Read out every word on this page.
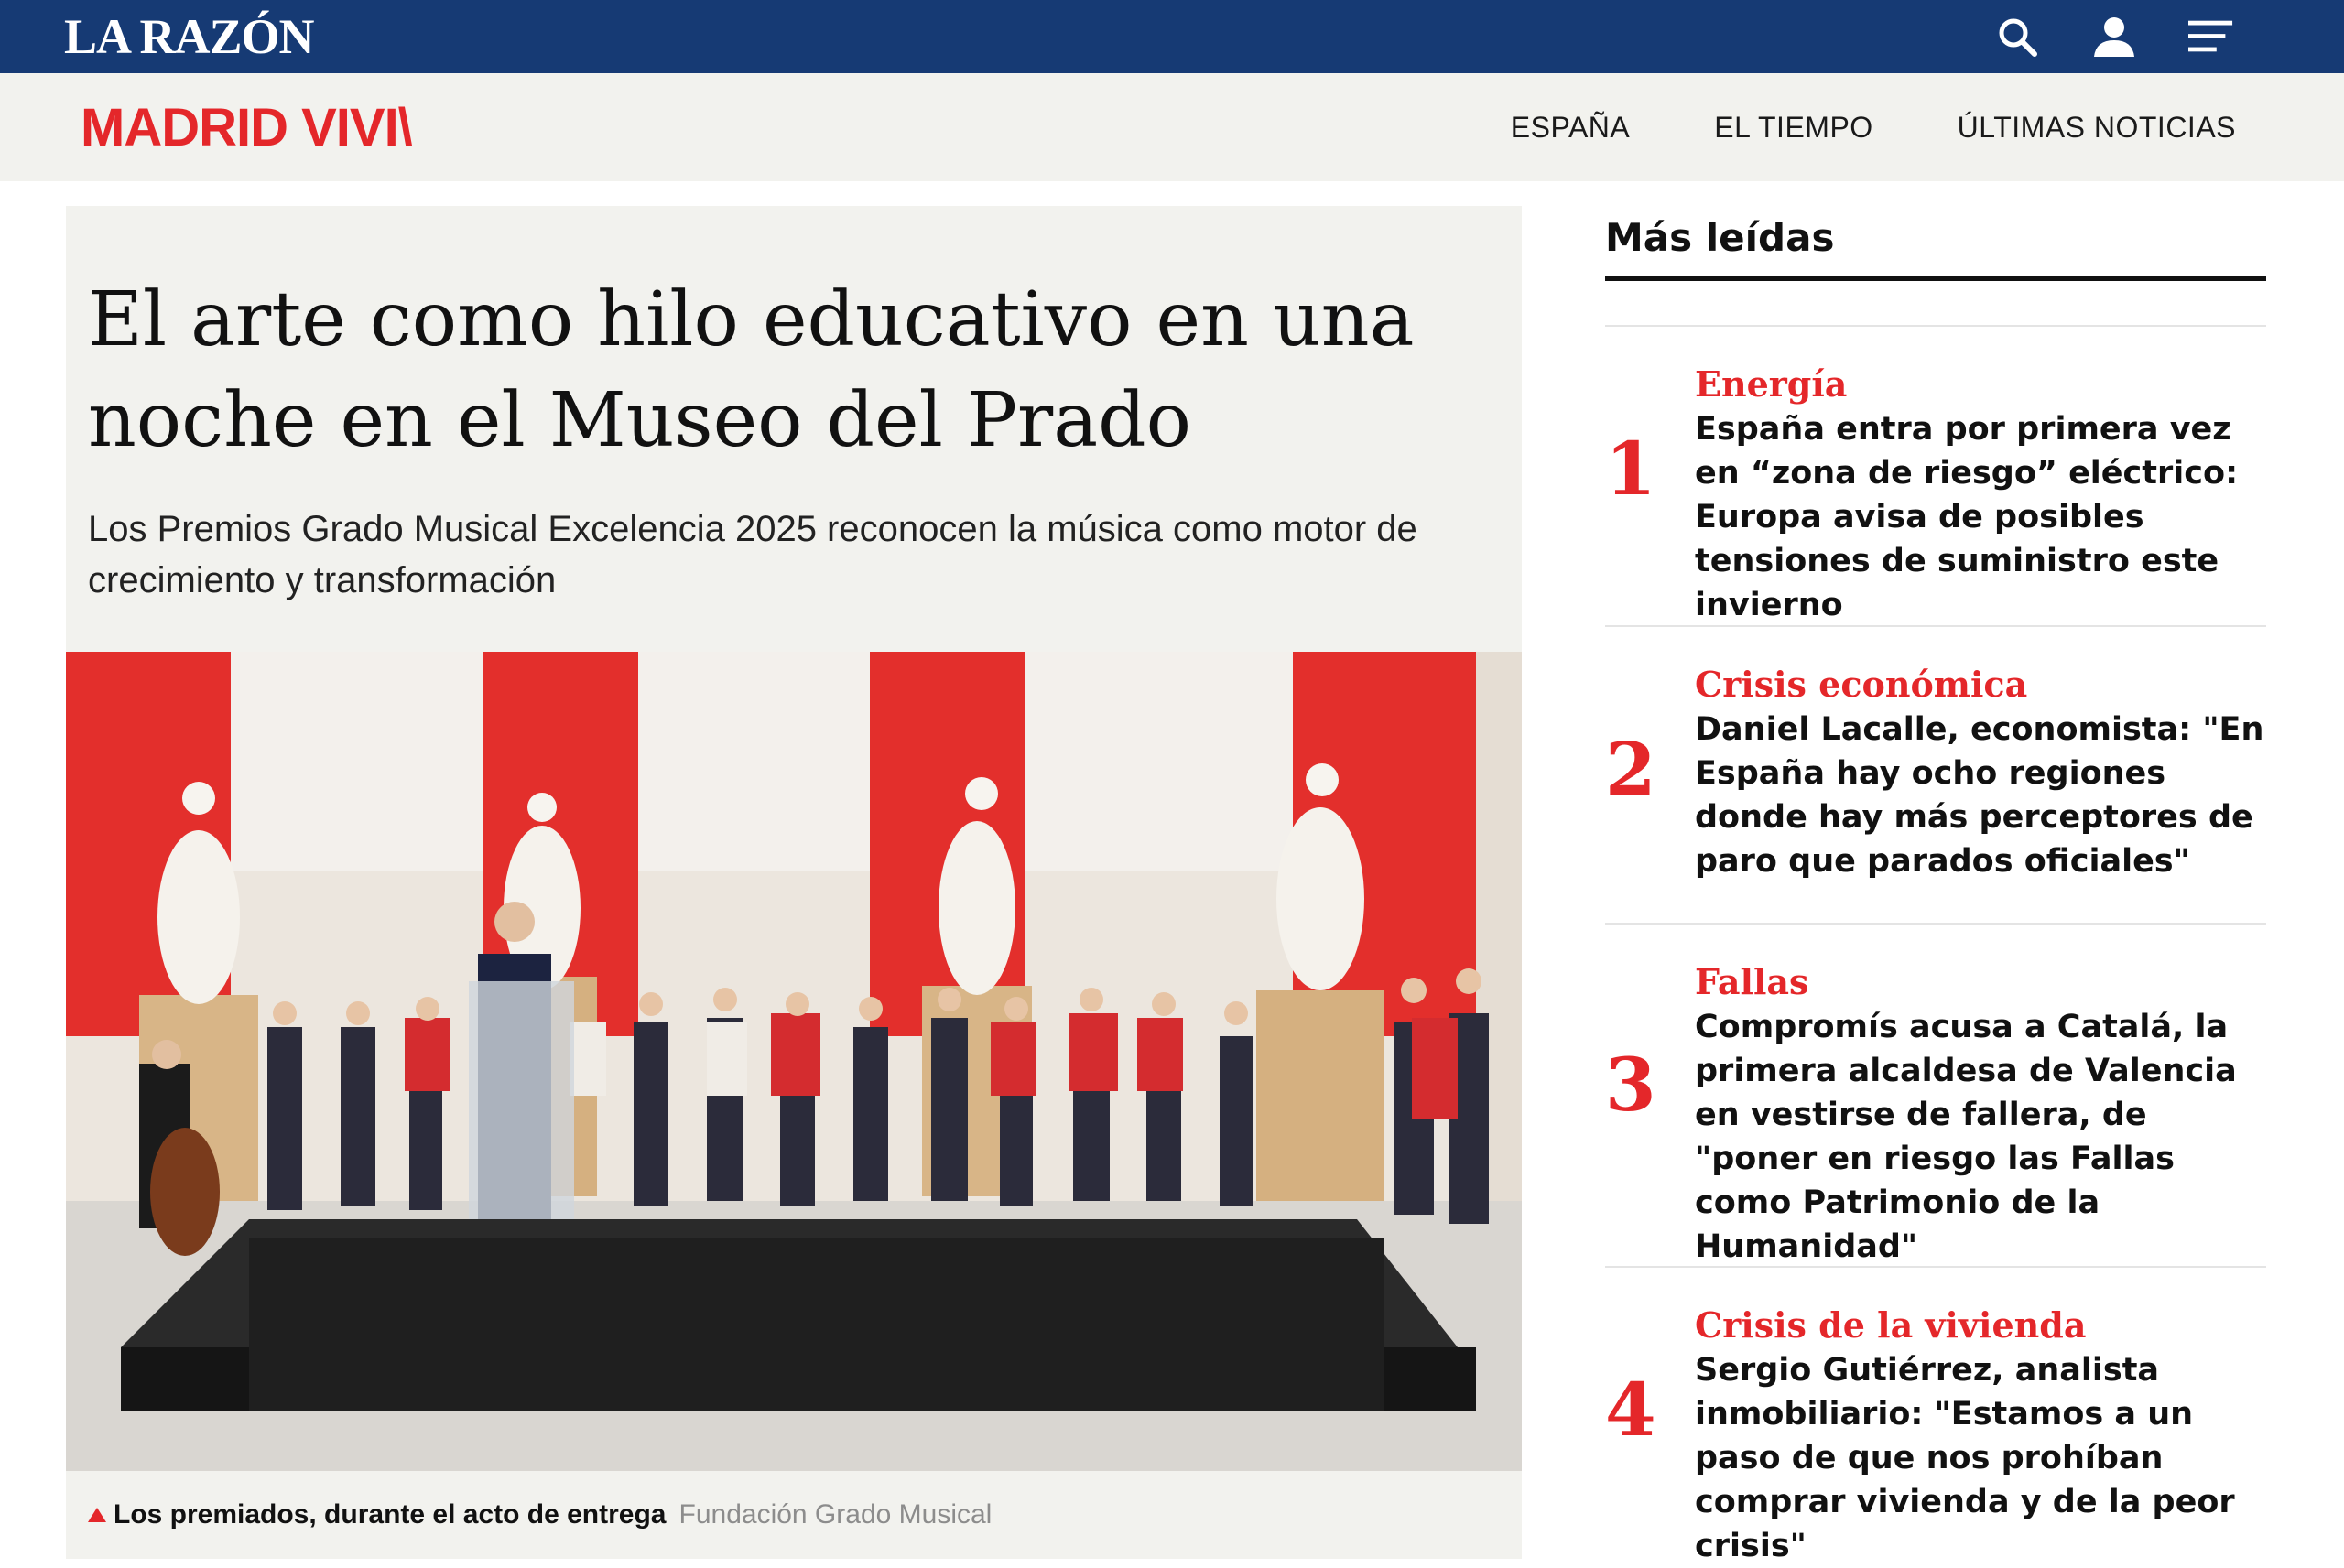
LA RAZÓN
MADRID VIVI\	ESPAÑA	EL TIEMPO	ÚLTIMAS NOTICIAS
El arte como hilo educativo en una noche en el Museo del Prado

Los Premios Grado Musical Excelencia 2025 reconocen la música como motor de crecimiento y transformación

Los premiados, durante el acto de entrega Fundación Grado Musical
Más leídas
1
Energía
España entra por primera vez en “zona de riesgo” eléctrico: Europa avisa de posibles tensiones de suministro este invierno
2
Crisis económica
Daniel Lacalle, economista: "En España hay ocho regiones donde hay más perceptores de paro que parados oficiales"
3
Fallas
Compromís acusa a Catalá, la primera alcaldesa de Valencia en vestirse de fallera, de "poner en riesgo las Fallas como Patrimonio de la Humanidad"
4
Crisis de la vivienda
Sergio Gutiérrez, analista inmobiliario: "Estamos a un paso de que nos prohíban comprar vivienda y de la peor crisis"
